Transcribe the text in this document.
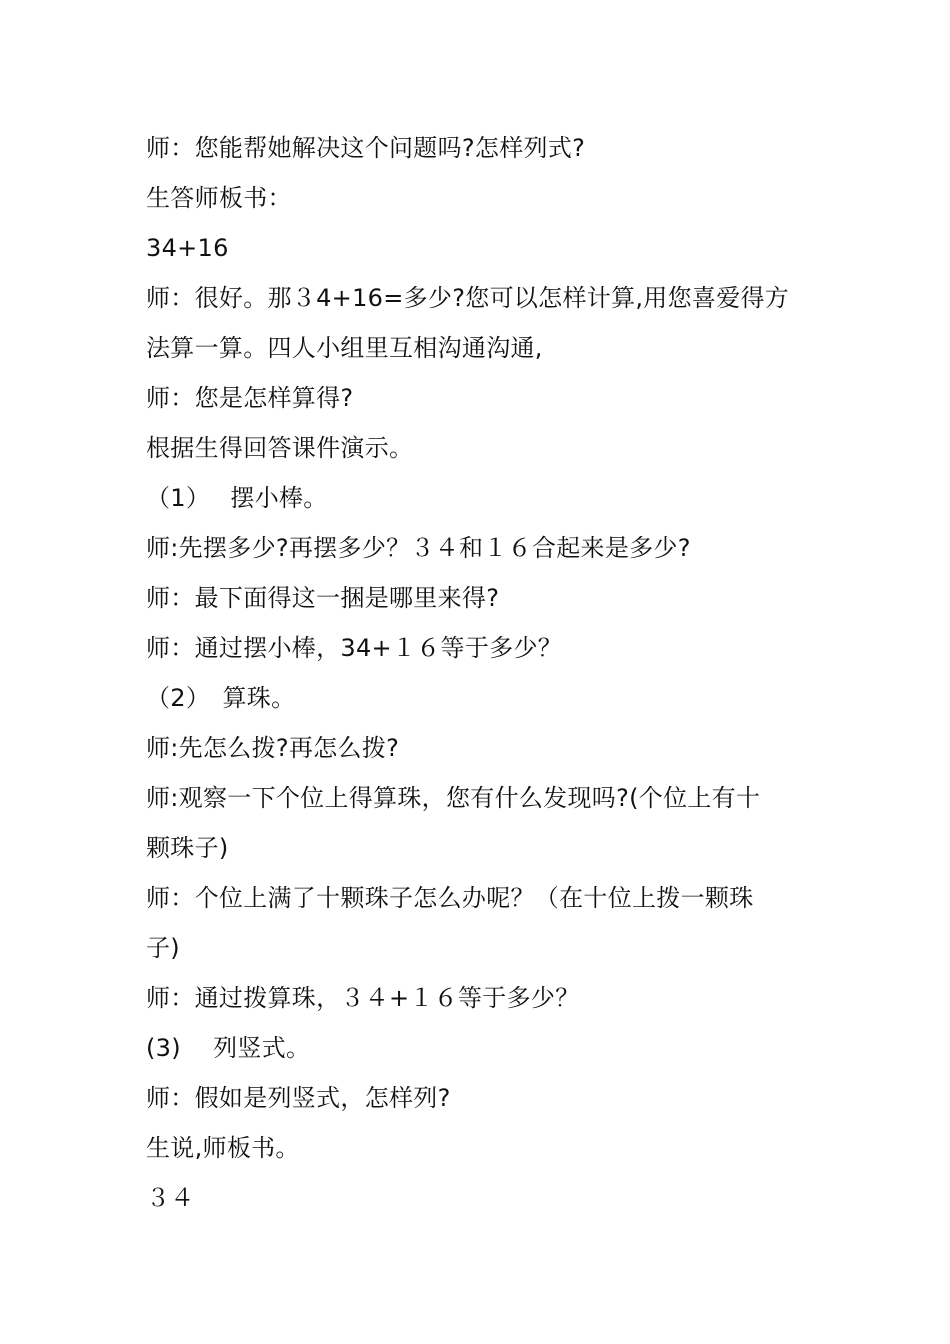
师：您能帮她解决这个问题吗?怎样列式?
生答师板书：
34+16
师：很好。那３4+16=多少?您可以怎样计算,用您喜爱得方
法算一算。四人小组里互相沟通沟通,
师：您是怎样算得?
根据生得回答课件演示。
（1）　 摆小棒。
师:先摆多少?再摆多少？３４和１６合起来是多少?
师：最下面得这一捆是哪里来得?
师：通过摆小棒，34+１６等于多少？
（2）　算珠。
师:先怎么拨?再怎么拨?
师:观察一下个位上得算珠，您有什么发现吗?(个位上有十
颗珠子)
师：个位上满了十颗珠子怎么办呢？（在十位上拨一颗珠
子)
师：通过拨算珠，３４+１６等于多少？
(3)　 列竖式。
师：假如是列竖式，怎样列?
生说,师板书。
３４
